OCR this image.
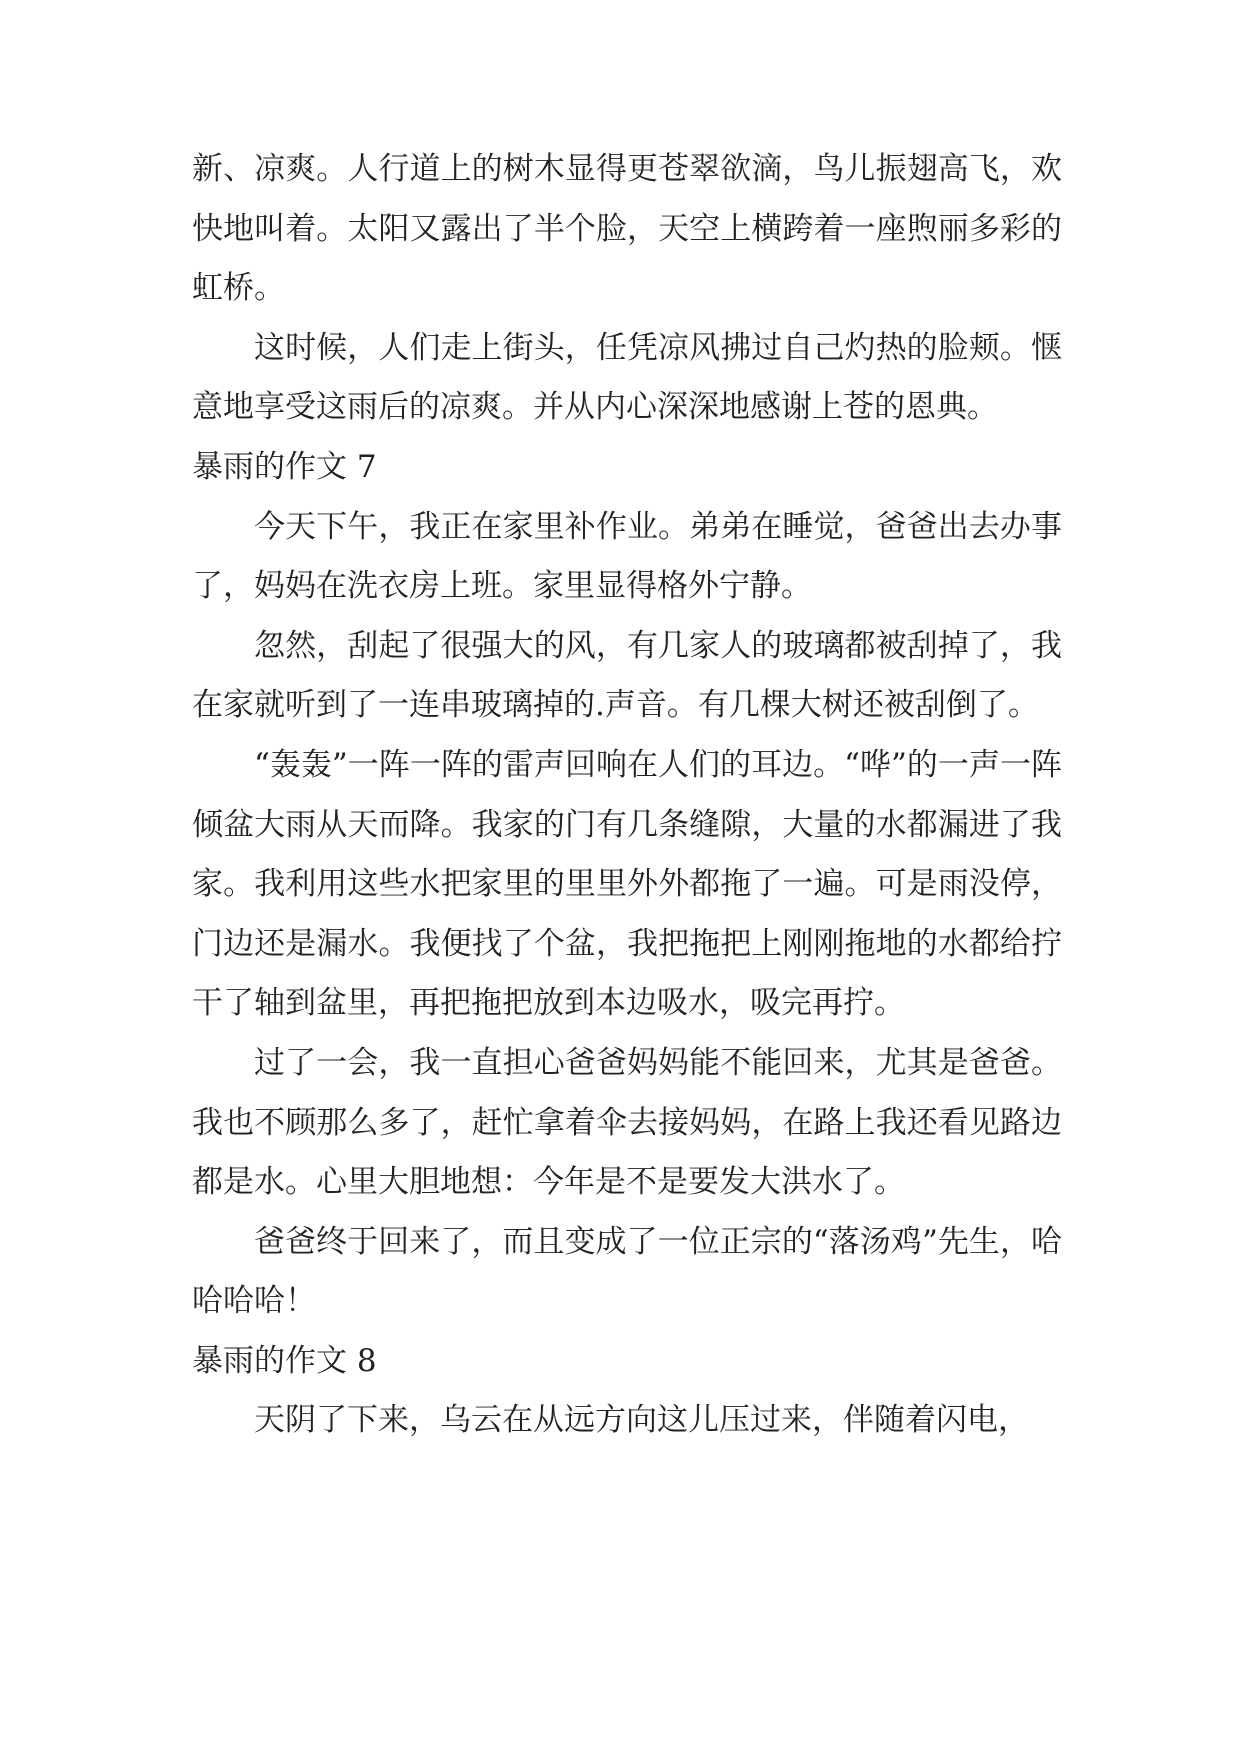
新、凉爽。人行道上的树木显得更苍翠欲滴，鸟儿振翅高飞，欢快地叫着。太阳又露出了半个脸，天空上横跨着一座煦丽多彩的虹桥。

这时候，人们走上街头，任凭凉风拂过自己灼热的脸颊。惬意地享受这雨后的凉爽。并从内心深深地感谢上苍的恩典。

暴雨的作文 7

今天下午，我正在家里补作业。弟弟在睡觉，爸爸出去办事了，妈妈在洗衣房上班。家里显得格外宁静。

忽然，刮起了很强大的风，有几家人的玻璃都被刮掉了，我在家就听到了一连串玻璃掉的.声音。有几棵大树还被刮倒了。

“轰轰”一阵一阵的雷声回响在人们的耳边。“哗”的一声一阵倾盆大雨从天而降。我家的门有几条缝隙，大量的水都漏进了我家。我利用这些水把家里的里里外外都拖了一遍。可是雨没停，门边还是漏水。我便找了个盆，我把拖把上刚刚拖地的水都给拧干了轴到盆里，再把拖把放到本边吸水，吸完再拧。

过了一会，我一直担心爸爸妈妈能不能回来，尤其是爸爸。我也不顾那么多了，赶忙拿着伞去接妈妈，在路上我还看见路边都是水。心里大胆地想：今年是不是要发大洪水了。

爸爸终于回来了，而且变成了一位正宗的“落汤鸡”先生，哈哈哈哈！

暴雨的作文 8

天阴了下来，乌云在从远方向这儿压过来，伴随着闪电，
